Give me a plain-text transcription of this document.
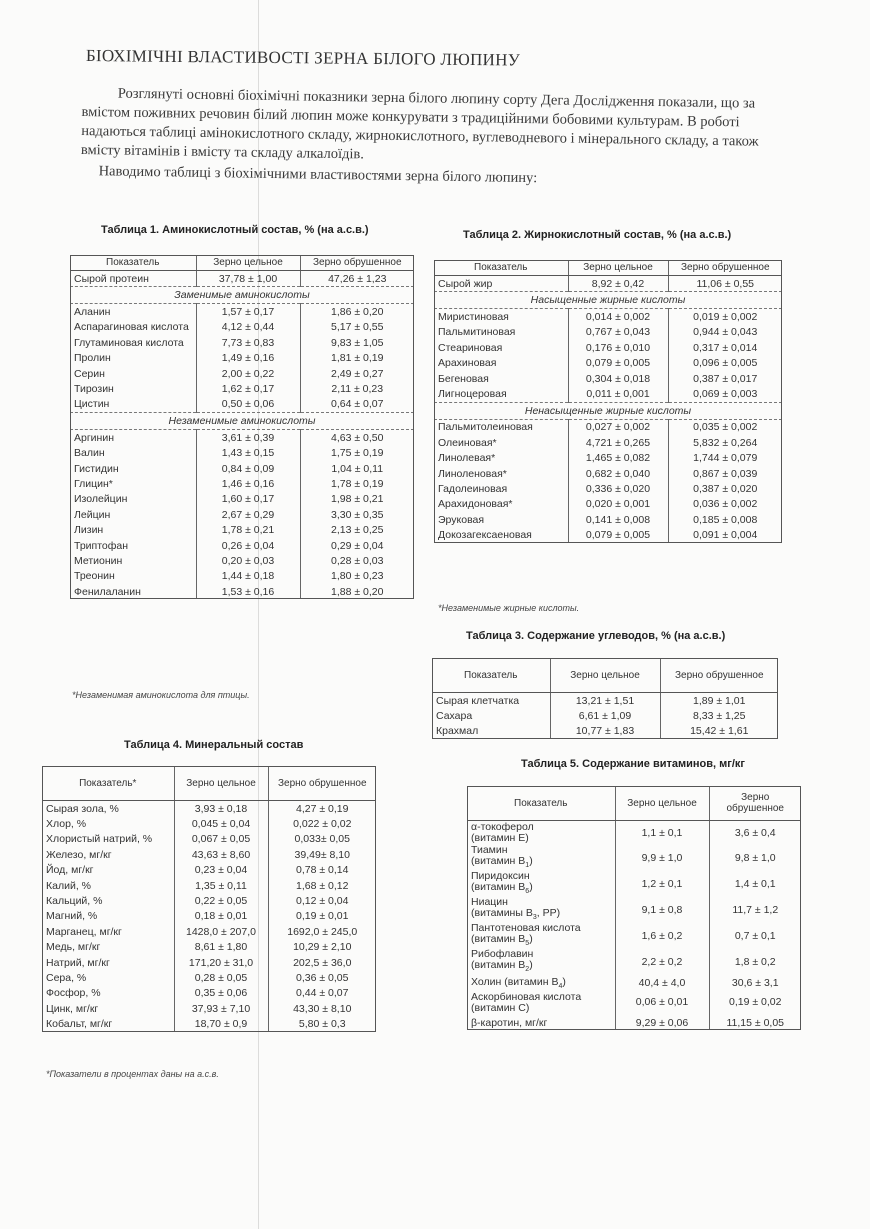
БІОХІМІЧНІ ВЛАСТИВОСТІ ЗЕРНА БІЛОГО ЛЮПИНУ

Розглянуті основні біохімічні показники зерна білого люпину сорту Дега Дослідження показали, що за вмістом поживних речовин білий люпин може конкурувати з традиційними бобовими культурам. В роботі надаються таблиці амінокислотного складу, жирнокислотного, вуглеводневого і мінерального складу, а також вмісту вітамінів і вмісту та складу алкалоїдів.

Наводимо таблиці з біохімічними властивостями зерна білого люпину:

Таблица 1. Аминокислотный состав, % (на а.с.в.)
Показатель	Зерно цельное	Зерно обрушенное
Сырой протеин	37,78 ± 1,00	47,26 ± 1,23
Заменимые аминокислоты		
Аланин	1,57 ± 0,17	1,86 ± 0,20
Аспарагиновая кислота	4,12 ± 0,44	5,17 ± 0,55
Глутаминовая кислота	7,73 ± 0,83	9,83 ± 1,05
Пролин	1,49 ± 0,16	1,81 ± 0,19
Серин	2,00 ± 0,22	2,49 ± 0,27
Тирозин	1,62 ± 0,17	2,11 ± 0,23
Цистин	0,50 ± 0,06	0,64 ± 0,07
Незаменимые аминокислоты		
Аргинин	3,61 ± 0,39	4,63 ± 0,50
Валин	1,43 ± 0,15	1,75 ± 0,19
Гистидин	0,84 ± 0,09	1,04 ± 0,11
Глицин*	1,46 ± 0,16	1,78 ± 0,19
Изолейцин	1,60 ± 0,17	1,98 ± 0,21
Лейцин	2,67 ± 0,29	3,30 ± 0,35
Лизин	1,78 ± 0,21	2,13 ± 0,25
Триптофан	0,26 ± 0,04	0,29 ± 0,04
Метионин	0,20 ± 0,03	0,28 ± 0,03
Треонин	1,44 ± 0,18	1,80 ± 0,23
Фенилаланин	1,53 ± 0,16	1,88 ± 0,20
*Незаменимая аминокислота для птицы.
Таблица 2. Жирнокислотный состав, % (на а.с.в.)
Показатель	Зерно цельное	Зерно обрушенное
Сырой жир	8,92 ± 0,42	11,06 ± 0,55
Насыщенные жирные кислоты		
Миристиновая	0,014 ± 0,002	0,019 ± 0,002
Пальмитиновая	0,767 ± 0,043	0,944 ± 0,043
Стеариновая	0,176 ± 0,010	0,317 ± 0,014
Арахиновая	0,079 ± 0,005	0,096 ± 0,005
Бегеновая	0,304 ± 0,018	0,387 ± 0,017
Лигноцеровая	0,011 ± 0,001	0,069 ± 0,003
Ненасыщенные жирные кислоты		
Пальмитолеиновая	0,027 ± 0,002	0,035 ± 0,002
Олеиновая*	4,721 ± 0,265	5,832 ± 0,264
Линолевая*	1,465 ± 0,082	1,744 ± 0,079
Линоленовая*	0,682 ± 0,040	0,867 ± 0,039
Гадолеиновая	0,336 ± 0,020	0,387 ± 0,020
Арахидоновая*	0,020 ± 0,001	0,036 ± 0,002
Эруковая	0,141 ± 0,008	0,185 ± 0,008
Докозагексаеновая	0,079 ± 0,005	0,091 ± 0,004
*Незаменимые жирные кислоты.
Таблица 3. Содержание углеводов, % (на а.с.в.)
Показатель	Зерно цельное	Зерно обрушенное
Сырая клетчатка	13,21 ± 1,51	1,89 ± 1,01
Сахара	6,61 ± 1,09	8,33 ± 1,25
Крахмал	10,77 ± 1,83	15,42 ± 1,61
Таблица 4. Минеральный состав
Показатель*	Зерно цельное	Зерно обрушенное
Сырая зола, %	3,93 ± 0,18	4,27 ± 0,19
Хлор, %	0,045 ± 0,04	0,022 ± 0,02
Хлористый натрий, %	0,067 ± 0,05	0,033± 0,05
Железо, мг/кг	43,63 ± 8,60	39,49± 8,10
Йод, мг/кг	0,23 ± 0,04	0,78 ± 0,14
Калий, %	1,35 ± 0,11	1,68 ± 0,12
Кальций, %	0,22 ± 0,05	0,12 ± 0,04
Магний, %	0,18 ± 0,01	0,19 ± 0,01
Марганец, мг/кг	1428,0 ± 207,0	1692,0 ± 245,0
Медь, мг/кг	8,61 ± 1,80	10,29 ± 2,10
Натрий, мг/кг	171,20 ± 31,0	202,5 ± 36,0
Сера, %	0,28 ± 0,05	0,36 ± 0,05
Фосфор, %	0,35 ± 0,06	0,44 ± 0,07
Цинк, мг/кг	37,93 ± 7,10	43,30 ± 8,10
Кобальт, мг/кг	18,70 ± 0,9	5,80 ± 0,3
*Показатели в процентах даны на а.с.в.
Таблица 5. Содержание витаминов, мг/кг
Показатель	Зерно цельное	Зерно обрушенное
α-токоферол
(витамин Е)	1,1 ± 0,1	3,6 ± 0,4
Тиамин
(витамин $В_1$)	9,9 ± 1,0	9,8 ± 1,0
Пиридоксин
(витамин $В_6$)	1,2 ± 0,1	1,4 ± 0,1
Ниацин
(витамины $В_3$, РР)	9,1 ± 0,8	11,7 ± 1,2
Пантотеновая кислота
(витамин $В_5$)	1,6 ± 0,2	0,7 ± 0,1
Рибофлавин
(витамин $В_2$)	2,2 ± 0,2	1,8 ± 0,2
Холин (витамин $В_4$)	40,4 ± 4,0	30,6 ± 3,1
Аскорбиновая кислота
(витамин С)	0,06 ± 0,01	0,19 ± 0,02
β-каротин, мг/кг	9,29 ± 0,06	11,15 ± 0,05
